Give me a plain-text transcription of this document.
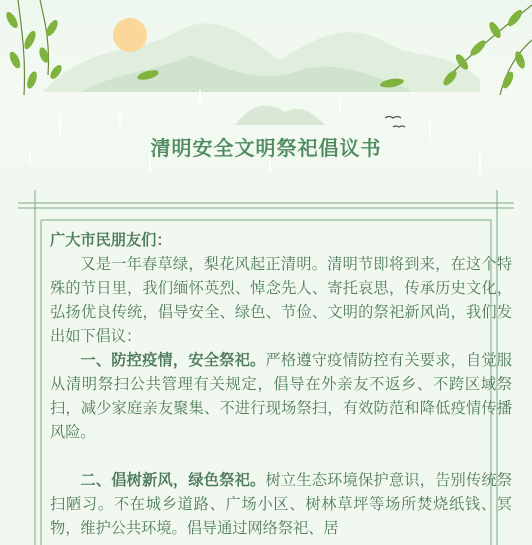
清明安全文明祭祀倡议书

广大市民朋友们：

又是一年春草绿，梨花风起正清明。清明节即将到来，在这个特殊的节日里，我们缅怀英烈、悼念先人、寄托哀思，传承历史文化，弘扬优良传统，倡导安全、绿色、节俭、文明的祭祀新风尚，我们发出如下倡议：

一、防控疫情，安全祭祀。严格遵守疫情防控有关要求，自觉服从清明祭扫公共管理有关规定，倡导在外亲友不返乡、不跨区域祭扫，减少家庭亲友聚集、不进行现场祭扫，有效防范和降低疫情传播风险。

二、倡树新风，绿色祭祀。树立生态环境保护意识，告别传统祭扫陋习。不在城乡道路、广场小区、树林草坪等场所焚烧纸钱、冥物，维护公共环境。倡导通过网络祭祀、居
